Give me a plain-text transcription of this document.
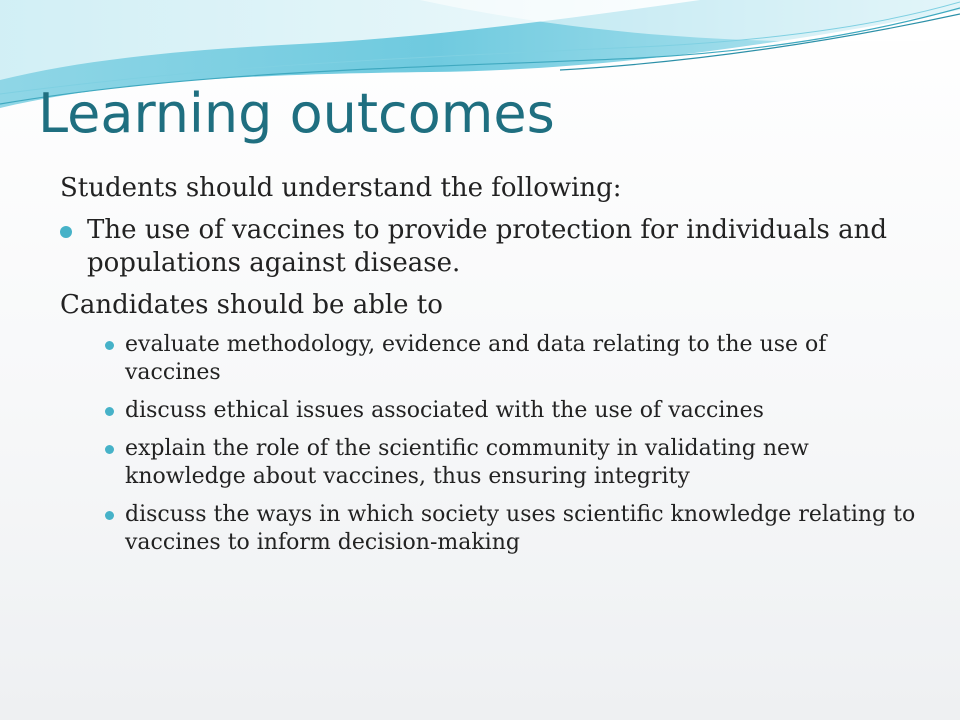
Learning outcomes

Students should understand the following:

The use of vaccines to provide protection for individuals and populations against disease.

Candidates should be able to

evaluate methodology, evidence and data relating to the use of vaccines
discuss ethical issues associated with the use of vaccines
explain the role of the scientific community in validating new knowledge about vaccines, thus ensuring integrity
discuss the ways in which society uses scientific knowledge relating to vaccines to inform decision-making
